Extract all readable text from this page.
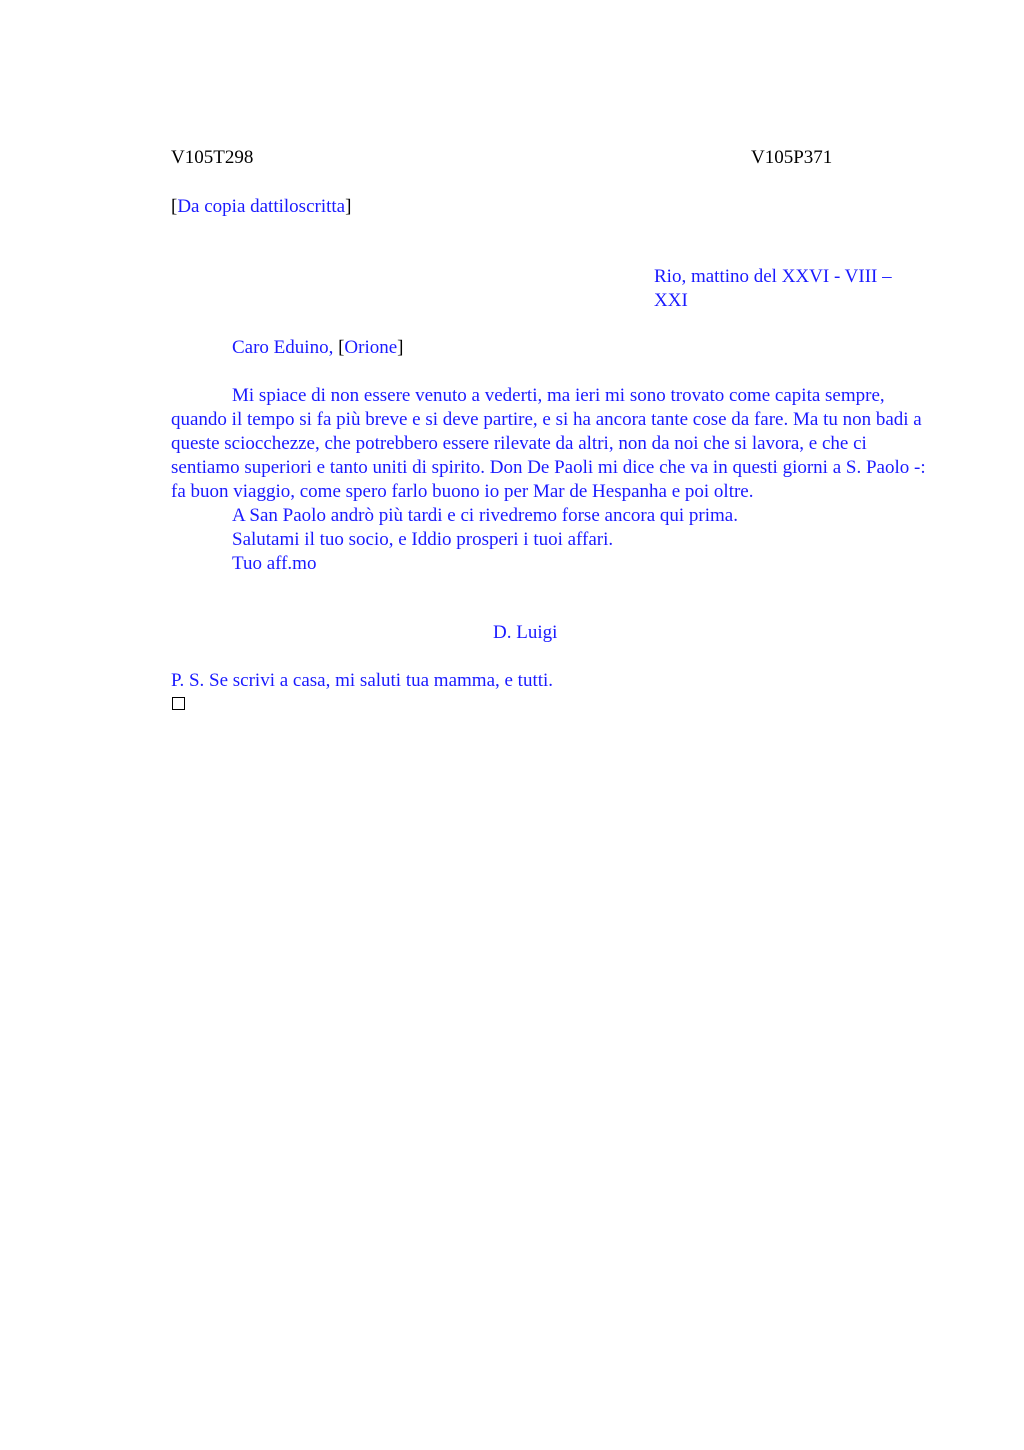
V105T298	V105P371
[Da copia dattiloscritta]
Rio, mattino del XXVI - VIII –
XXI
Caro Eduino, [Orione]

Mi spiace di non essere venuto a vederti, ma ieri mi sono trovato come capita sempre, quando il tempo si fa più breve e si deve partire, e si ha ancora tante cose da fare. Ma tu non badi a queste sciocchezze, che potrebbero essere rilevate da altri, non da noi che si lavora, e che ci sentiamo superiori e tanto uniti di spirito. Don De Paoli mi dice che va in questi giorni a S. Paolo -: fa buon viaggio, come spero farlo buono io per Mar de Hespanha e poi oltre.

A San Paolo andrò più tardi e ci rivedremo forse ancora qui prima.

Salutami il tuo socio, e Iddio prosperi i tuoi affari.

Tuo aff.mo

D. Luigi
P. S. Se scrivi a casa, mi saluti tua mamma, e tutti.
